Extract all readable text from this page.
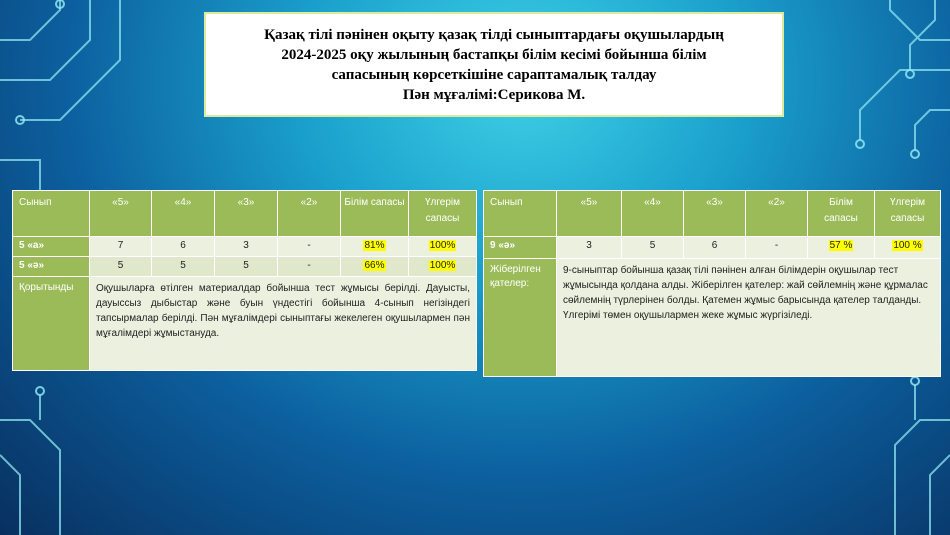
Қазақ тілі пәнінен оқыту қазақ тілді сыныптардағы оқушылардың
2024-2025 оқу жылының бастапқы білім кесімі бойынша білім
сапасының көрсеткішіне сараптамалық талдау
Пән мұғалімі:Серикова М.
Сынып	«5»	«4»	«3»	«2»	Білім сапасы	Үлгерім сапасы
5 «а»	7	6	3	-	81%	100%
5 «ә»	5	5	5	-	66%	100%
Қорытынды	Оқушыларға өтілген материалдар бойынша тест жұмысы берілді. Дауысты, дауыссыз дыбыстар және буын үндестігі бойынша 4-сынып негізіндегі тапсырмалар берілді. Пән мұғалімдері сыныптағы жекелеген оқушылармен пән мұғалімдері жұмыстануда.					
Сынып	«5»	«4»	«3»	«2»	Білім сапасы	Үлгерім сапасы
9 «ә»	3	5	6	-	57 %	100 %
Жіберілген қателер:	9-сыныптар бойынша қазақ тілі пәнінен алған білімдерін оқушылар тест жұмысында қолдана алды. Жіберілген қателер: жай сөйлемнің және құрмалас сөйлемнің түрлерінен болды. Қатемен жұмыс барысында қателер талданды. Үлгерімі төмен оқушылармен жеке жұмыс жүргізіледі.					
